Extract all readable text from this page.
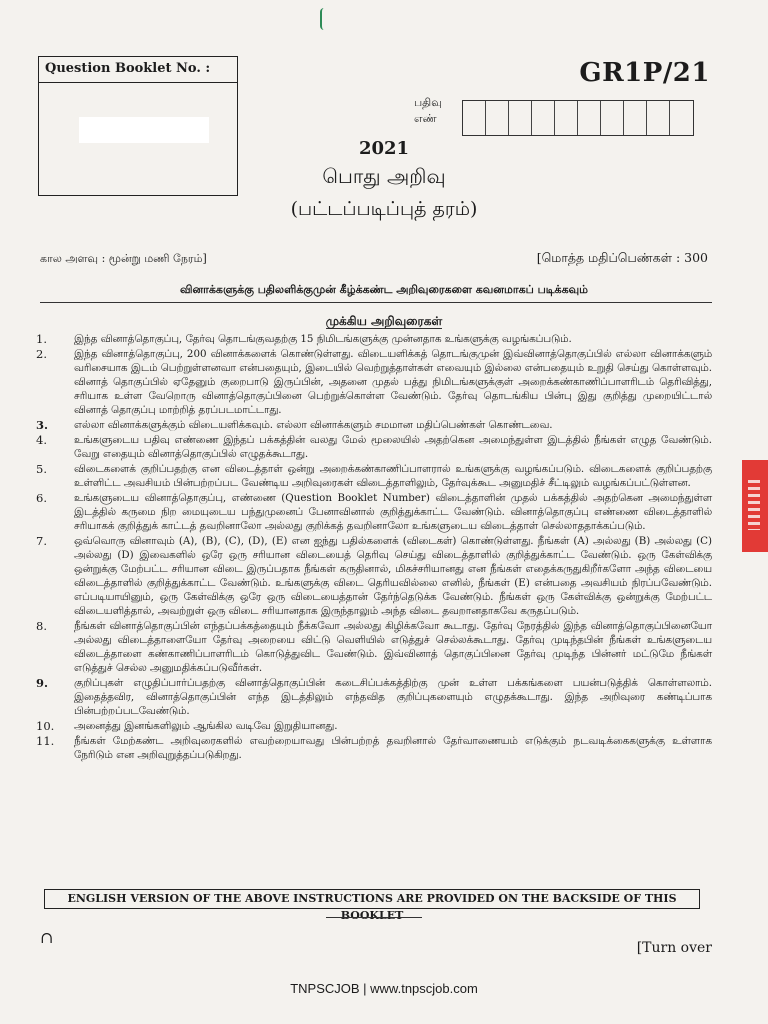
Question Booklet No. :	GR1P/21
பதிவு
எண்
2021
பொது அறிவு
(பட்டப்படிப்புத் தரம்)
கால அளவு : மூன்று மணி நேரம்]	[மொத்த மதிப்பெண்கள் : 300
வினாக்களுக்கு பதிலளிக்குமுன் கீழ்க்கண்ட அறிவுரைகளை கவனமாகப் படிக்கவும்
முக்கிய அறிவுரைகள்
1.	இந்த வினாத்தொகுப்பு, தேர்வு தொடங்குவதற்கு 15 நிமிடங்களுக்கு முன்னதாக உங்களுக்கு வழங்கப்படும்.
2.	இந்த வினாத்தொகுப்பு, 200 வினாக்களைக் கொண்டுள்ளது. விடையளிக்கத் தொடங்குமுன் இவ்வினாத்தொகுப்பில் எல்லா வினாக்களும் வரிசையாக இடம் பெற்றுள்ளனவா என்பதையும், இடையில் வெற்றுத்தாள்கள் எவையும் இல்லை என்பதையும் உறுதி செய்து கொள்ளவும். வினாத் தொகுப்பில் ஏதேனும் குறைபாடு இருப்பின், அதனை முதல் பத்து நிமிடங்களுக்குள் அறைக்கண்காணிப்பாளரிடம் தெரிவித்து, சரியாக உள்ள வேறொரு வினாத்தொகுப்பினை பெற்றுக்கொள்ள வேண்டும். தேர்வு தொடங்கிய பின்பு இது குறித்து முறையிட்டால் வினாத் தொகுப்பு மாற்றித் தரப்படமாட்டாது.
3.	எல்லா வினாக்களுக்கும் விடையளிக்கவும். எல்லா வினாக்களும் சமமான மதிப்பெண்கள் கொண்டவை.
4.	உங்களுடைய பதிவு எண்ணை இந்தப் பக்கத்தின் வலது மேல் மூலையில் அதற்கென அமைந்துள்ள இடத்தில் நீங்கள் எழுத வேண்டும். வேறு எதையும் வினாத்தொகுப்பில் எழுதக்கூடாது.
5.	விடைகளைக் குறிப்பதற்கு என விடைத்தாள் ஒன்று அறைக்கண்காணிப்பாளரால் உங்களுக்கு வழங்கப்படும். விடைகளைக் குறிப்பதற்கு உள்ளிட்ட அவசியம் பின்பற்றப்பட வேண்டிய அறிவுரைகள் விடைத்தாளிலும், தேர்வுக்கூட அனுமதிச் சீட்டிலும் வழங்கப்பட்டுள்ளன.
6.	உங்களுடைய வினாத்தொகுப்பு, எண்ணை (Question Booklet Number) விடைத்தாளின் முதல் பக்கத்தில் அதற்கென அமைந்துள்ள இடத்தில் கருமை நிற மையுடைய பந்துமுனைப் பேனாவினால் குறித்துக்காட்ட வேண்டும். வினாத்தொகுப்பு எண்ணை விடைத்தாளில் சரியாகக் குறித்துக் காட்டத் தவறினாலோ அல்லது குறிக்கத் தவறினாலோ உங்களுடைய விடைத்தாள் செல்லாததாக்கப்படும்.
7.	ஒவ்வொரு வினாவும் (A), (B), (C), (D), (E) என ஐந்து பதில்களைக் (விடைகள்) கொண்டுள்ளது. நீங்கள் (A) அல்லது (B) அல்லது (C) அல்லது (D) இவைகளில் ஒரே ஒரு சரியான விடையைத் தெரிவு செய்து விடைத்தாளில் குறித்துக்காட்ட வேண்டும். ஒரு கேள்விக்கு ஒன்றுக்கு மேற்பட்ட சரியான விடை இருப்பதாக நீங்கள் கருதினால், மிகச்சரியானது என நீங்கள் எதைக்கருதுகிறீர்களோ அந்த விடையை விடைத்தாளில் குறித்துக்காட்ட வேண்டும். உங்களுக்கு விடை தெரியவில்லை எனில், நீங்கள் (E) என்பதை அவசியம் நிரப்பவேண்டும். எப்படியாயினும், ஒரு கேள்விக்கு ஒரே ஒரு விடையைத்தான் தேர்ந்தெடுக்க வேண்டும். நீங்கள் ஒரு கேள்விக்கு ஒன்றுக்கு மேற்பட்ட விடையளித்தால், அவற்றுள் ஒரு விடை சரியானதாக இருந்தாலும் அந்த விடை தவறானதாகவே கருதப்படும்.
8.	நீங்கள் வினாத்தொகுப்பின் எந்தப்பக்கத்தையும் நீக்கவோ அல்லது கிழிக்கவோ கூடாது. தேர்வு நேரத்தில் இந்த வினாத்தொகுப்பினையோ அல்லது விடைத்தாளையோ தேர்வு அறையை விட்டு வெளியில் எடுத்துச் செல்லக்கூடாது. தேர்வு முடிந்தபின் நீங்கள் உங்களுடைய விடைத்தாளை கண்காணிப்பாளரிடம் கொடுத்துவிட வேண்டும். இவ்வினாத் தொகுப்பினை தேர்வு முடிந்த பின்னர் மட்டுமே நீங்கள் எடுத்துச் செல்ல அனுமதிக்கப்படுவீர்கள்.
9.	குறிப்புகள் எழுதிப்பார்ப்பதற்கு வினாத்தொகுப்பின் கடைசிப்பக்கத்திற்கு முன் உள்ள பக்கங்களை பயன்படுத்திக் கொள்ளலாம். இதைத்தவிர, வினாத்தொகுப்பின் எந்த இடத்திலும் எந்தவித குறிப்புகளையும் எழுதக்கூடாது. இந்த அறிவுரை கண்டிப்பாக பின்பற்றப்படவேண்டும்.
10.	அனைத்து இனங்களிலும் ஆங்கில வடிவே இறுதியானது.
11.	நீங்கள் மேற்கண்ட அறிவுரைகளில் எவற்றையாவது பின்பற்றத் தவறினால் தேர்வாணையம் எடுக்கும் நடவடிக்கைகளுக்கு உள்ளாக நேரிடும் என அறிவுறுத்தப்படுகிறது.
ENGLISH VERSION OF THE ABOVE INSTRUCTIONS ARE PROVIDED ON THE BACKSIDE OF THIS BOOKLET
∩
[Turn over
TNPSCJOB | www.tnpscjob.com
